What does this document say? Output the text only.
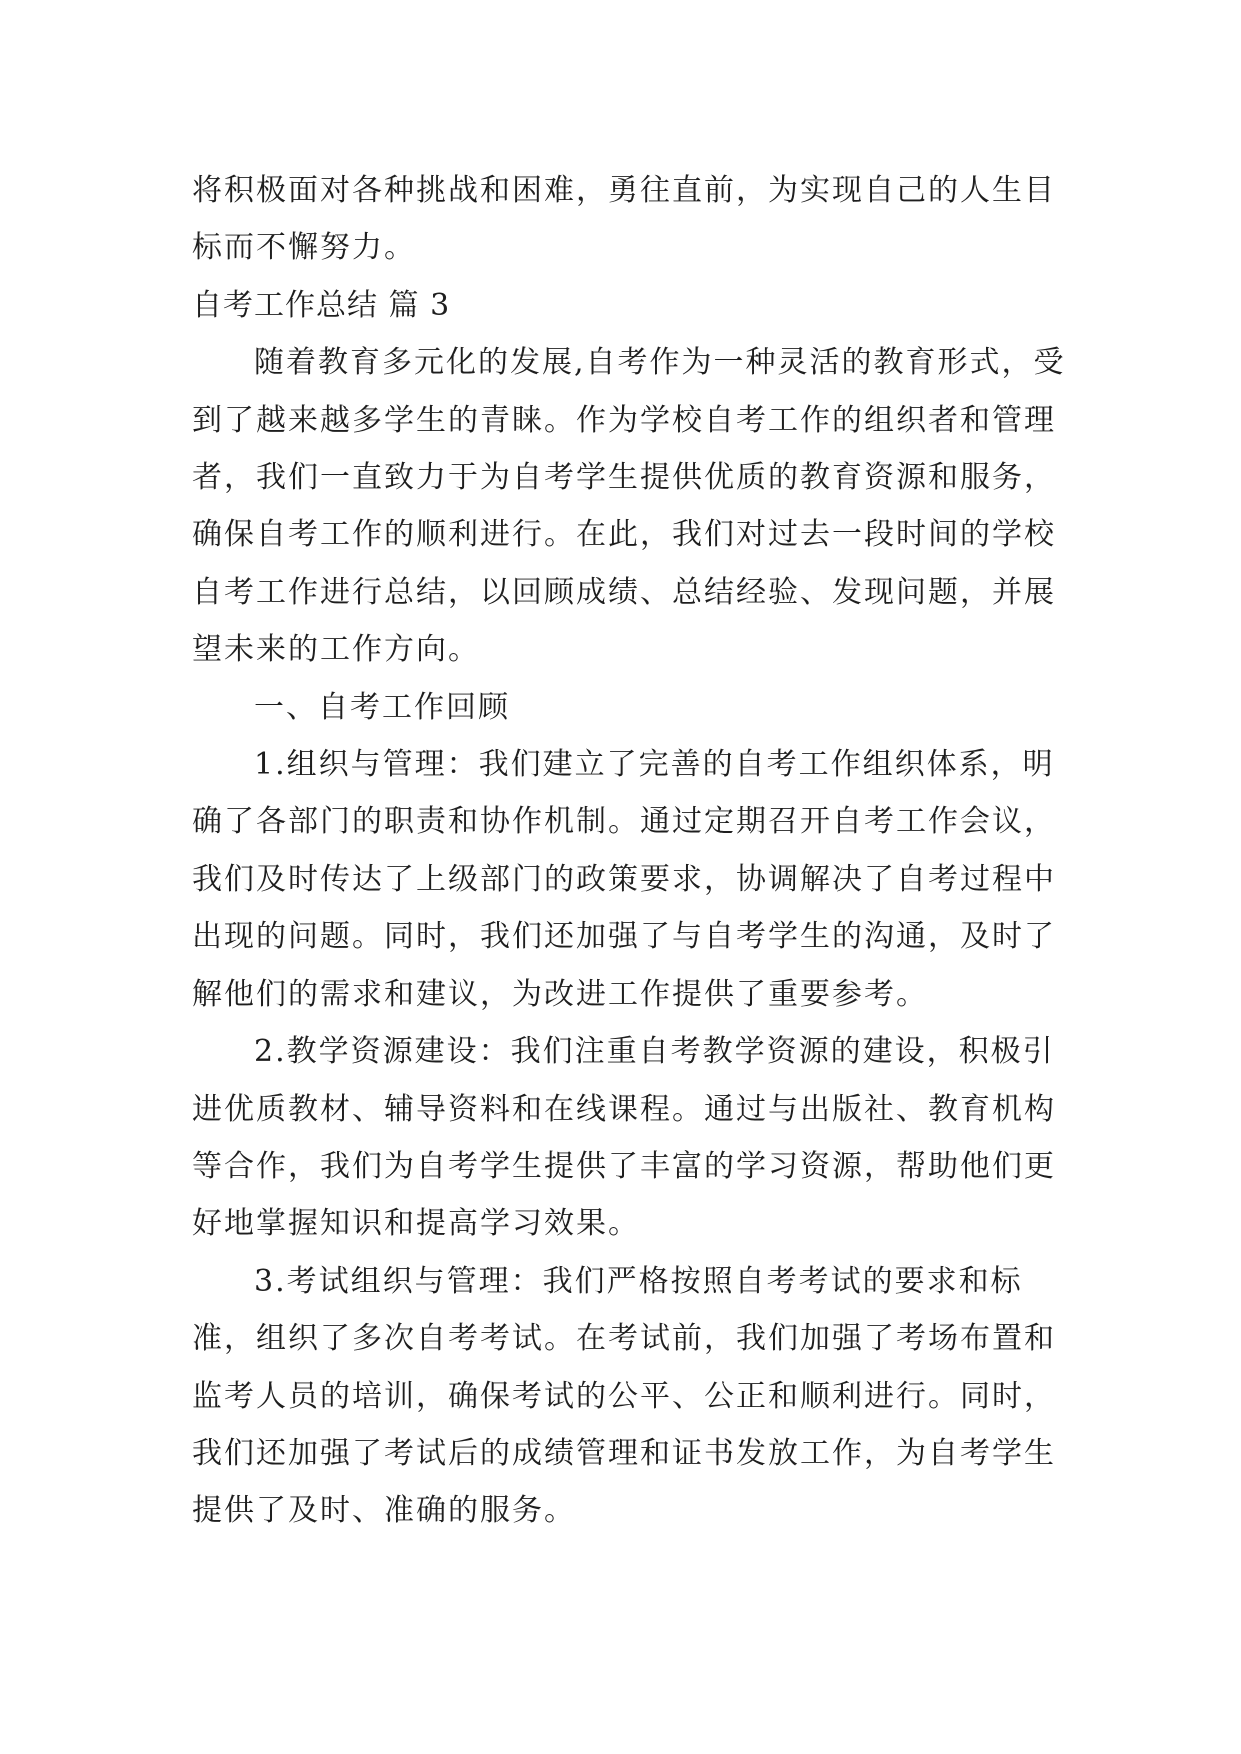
将积极面对各种挑战和困难，勇往直前，为实现自己的人生目标而不懈努力。

自考工作总结 篇 3

随着教育多元化的发展,自考作为一种灵活的教育形式，受到了越来越多学生的青睐。作为学校自考工作的组织者和管理者，我们一直致力于为自考学生提供优质的教育资源和服务，确保自考工作的顺利进行。在此，我们对过去一段时间的学校自考工作进行总结，以回顾成绩、总结经验、发现问题，并展望未来的工作方向。

一、自考工作回顾

1.组织与管理：我们建立了完善的自考工作组织体系，明确了各部门的职责和协作机制。通过定期召开自考工作会议，我们及时传达了上级部门的政策要求，协调解决了自考过程中出现的问题。同时，我们还加强了与自考学生的沟通，及时了解他们的需求和建议，为改进工作提供了重要参考。

2.教学资源建设：我们注重自考教学资源的建设，积极引进优质教材、辅导资料和在线课程。通过与出版社、教育机构等合作，我们为自考学生提供了丰富的学习资源，帮助他们更好地掌握知识和提高学习效果。

3.考试组织与管理：我们严格按照自考考试的要求和标准，组织了多次自考考试。在考试前，我们加强了考场布置和监考人员的培训，确保考试的公平、公正和顺利进行。同时，我们还加强了考试后的成绩管理和证书发放工作，为自考学生提供了及时、准确的服务。
